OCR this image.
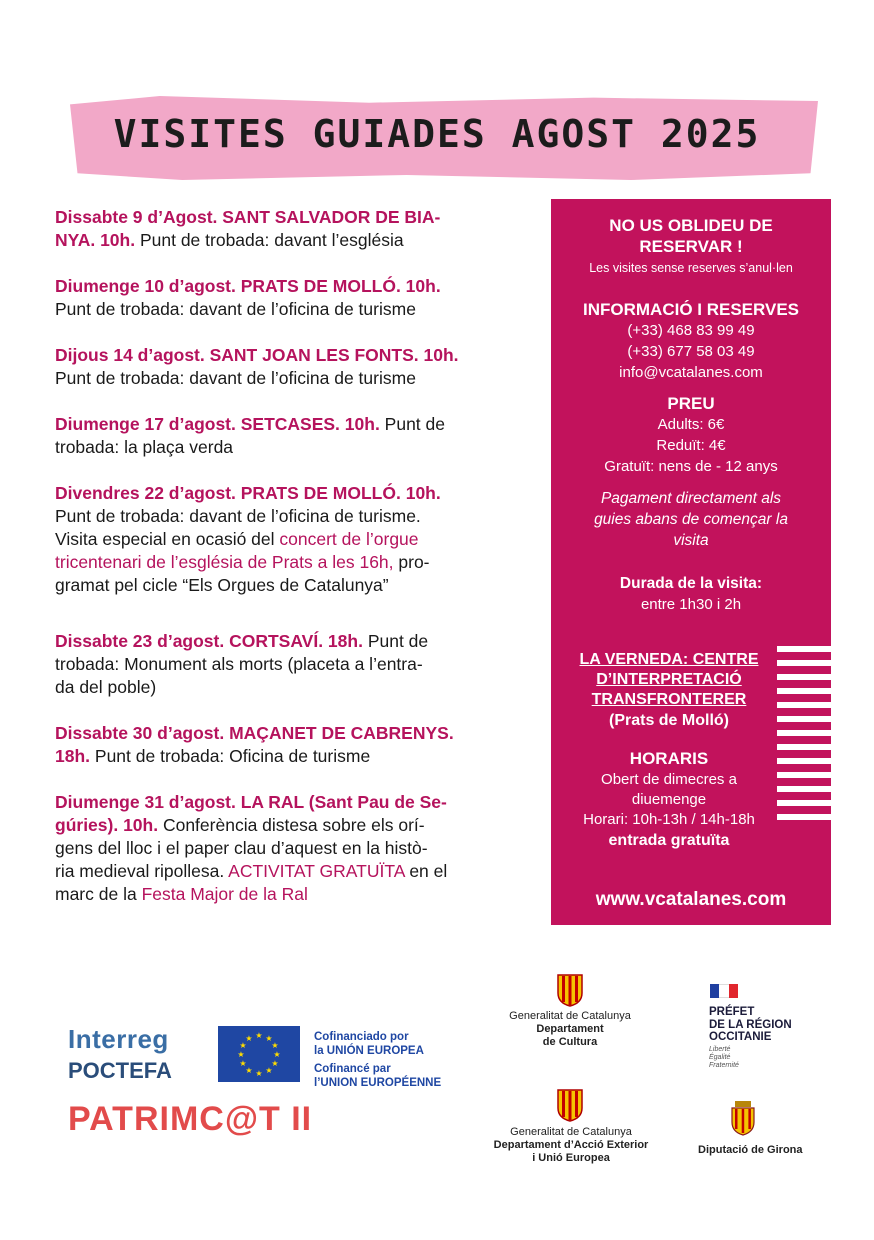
VISITES GUIADES AGOST 2025

Dissabte 9 d’Agost. SANT SALVADOR DE BIA-
NYA. 10h. Punt de trobada: davant l’església

Diumenge 10 d’agost. PRATS DE MOLLÓ. 10h.
Punt de trobada: davant de l’oficina de turisme

Dijous 14 d’agost. SANT JOAN LES FONTS. 10h.
Punt de trobada: davant de l’oficina de turisme

Diumenge 17 d’agost. SETCASES. 10h. Punt de
trobada: la plaça verda

Divendres 22 d’agost. PRATS DE MOLLÓ. 10h.
Punt de trobada: davant de l’oficina de turisme.
Visita especial en ocasió del concert de l’orgue
tricentenari de l’església de Prats a les 16h, pro-
gramat pel cicle “Els Orgues de Catalunya”

Dissabte 23 d’agost. CORTSAVÍ. 18h. Punt de
trobada: Monument als morts (placeta a l’entra-
da del poble)

Dissabte 30 d’agost. MAÇANET DE CABRENYS.
18h. Punt de trobada: Oficina de turisme

Diumenge 31 d’agost. LA RAL (Sant Pau de Se-
gúries). 10h. Conferència distesa sobre els orí-
gens del lloc i el paper clau d’aquest en la histò-
ria medieval ripollesa. ACTIVITAT GRATUÏTA en el
marc de la Festa Major de la Ral

NO US OBLIDEU DE
RESERVAR !
Les visites sense reserves s’anul·len
INFORMACIÓ I RESERVES
(+33) 468 83 99 49
(+33) 677 58 03 49
info@vcatalanes.com
PREU
Adults: 6€
Reduït: 4€
Gratuït: nens de - 12 anys
Pagament directament als
guies abans de començar la
visita
Durada de la visita:
entre 1h30 i 2h
LA VERNEDA: CENTRE
D’INTERPRETACIÓ
TRANSFRONTERER
(Prats de Molló)
HORARIS
Obert de dimecres a
diuemenge
Horari: 10h-13h / 14h-18h
entrada gratuïta
www.vcatalanes.com
Interreg
POCTEFA
★ ★
★
★
★
★
★
★
★
★
★
★	Cofinanciado por
la UNIÓN EUROPEA
Cofinancé par
l’UNION EUROPÉENNE
PATRIMC@T II
Generalitat de Catalunya
Departament
de Cultura
PRÉFET
DE LA RÉGION
OCCITANIE
Liberté
Égalité
Fraternité
Generalitat de Catalunya
Departament d’Acció Exterior
i Unió Europea
Diputació de Girona
